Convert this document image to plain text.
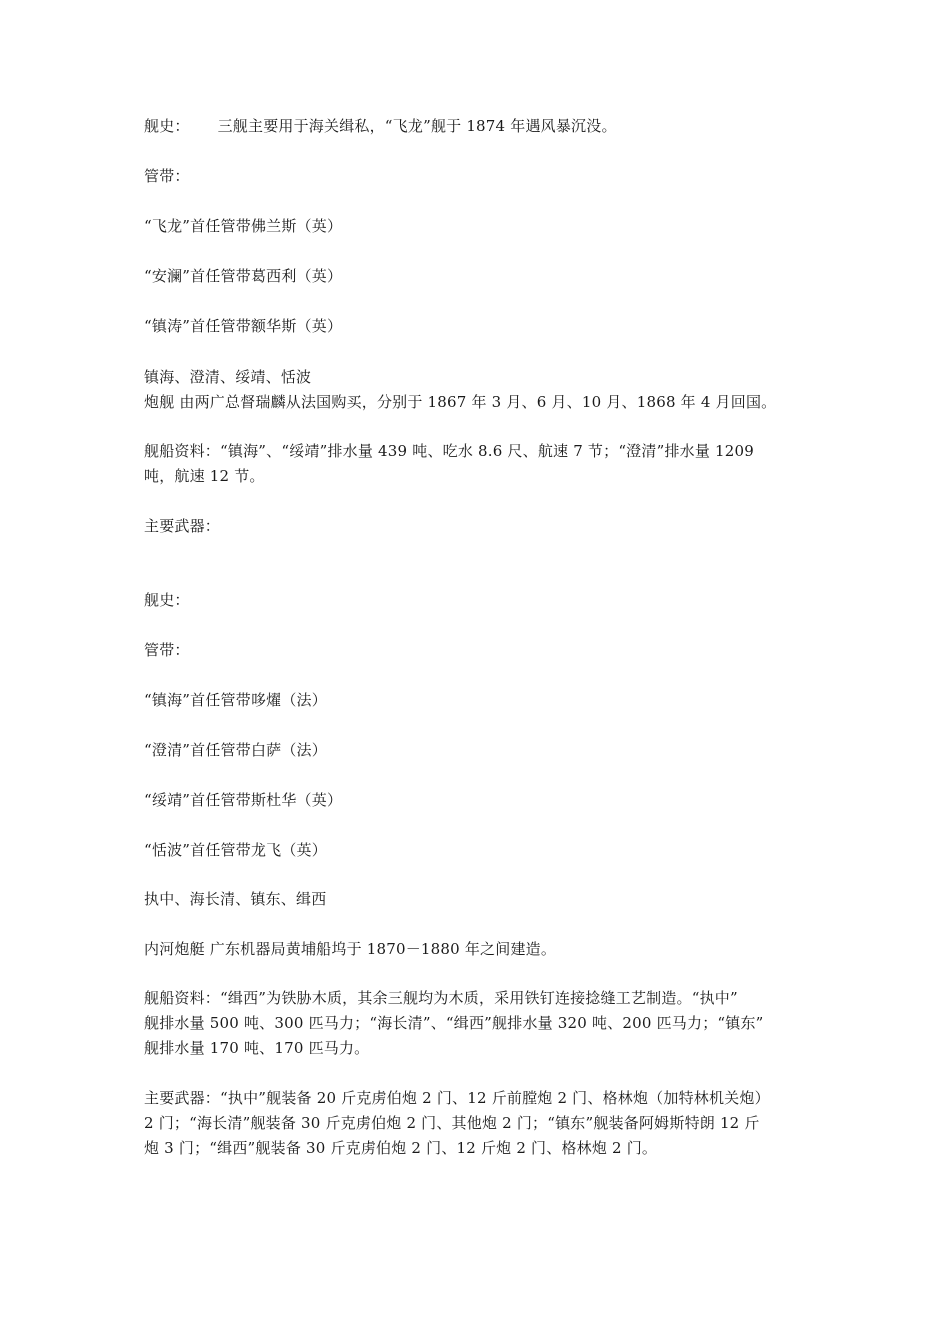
舰史： 三舰主要用于海关缉私，“飞龙”舰于 1874 年遇风暴沉没。
管带：
“飞龙”首任管带佛兰斯（英）
“安澜”首任管带葛西利（英）
“镇涛”首任管带额华斯（英）
镇海、澄清、绥靖、恬波
炮舰 由两广总督瑞麟从法国购买，分别于 1867 年 3 月、6 月、10 月、1868 年 4 月回国。
舰船资料：“镇海”、“绥靖”排水量 439 吨、吃水 8.6 尺、航速 7 节；“澄清”排水量 1209
吨，航速 12 节。
主要武器：
舰史：
管带：
“镇海”首任管带哆燿（法）
“澄清”首任管带白萨（法）
“绥靖”首任管带斯杜华（英）
“恬波”首任管带龙飞（英）
执中、海长清、镇东、缉西
内河炮艇 广东机器局黄埔船坞于 1870－1880 年之间建造。
舰船资料：“缉西”为铁胁木质，其余三舰均为木质，采用铁钉连接捻缝工艺制造。“执中”
舰排水量 500 吨、300 匹马力；“海长清”、“缉西”舰排水量 320 吨、200 匹马力；“镇东”
舰排水量 170 吨、170 匹马力。
主要武器：“执中”舰装备 20 斤克虏伯炮 2 门、12 斤前膛炮 2 门、格林炮（加特林机关炮）
2 门；“海长清”舰装备 30 斤克虏伯炮 2 门、其他炮 2 门；“镇东”舰装备阿姆斯特朗 12 斤
炮 3 门；“缉西”舰装备 30 斤克虏伯炮 2 门、12 斤炮 2 门、格林炮 2 门。
